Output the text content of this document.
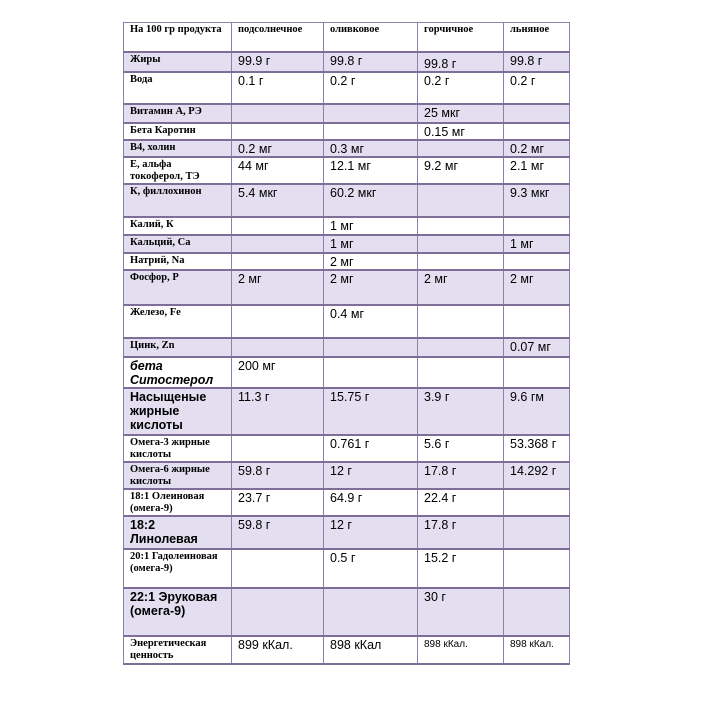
На 100 гр продукта	подсолнечное	оливковое	горчичное	льняное
Жиры	99.9 г	99.8 г	99.8 г	99.8 г
Вода	0.1 г	0.2 г	0.2 г	0.2 г
Витамин А, РЭ			25 мкг	
Бета Каротин			0.15 мг	
В4, холин	0.2 мг	0.3 мг		0.2 мг
Е, альфа токоферол, ТЭ	44 мг	12.1 мг	9.2 мг	2.1 мг
К, филлохинон	5.4 мкг	60.2 мкг		9.3 мкг
Калий, К		1 мг		
Кальций, Са		1 мг		1 мг
Натрий, Na		2 мг		
Фосфор, Р	2 мг	2 мг	2 мг	2 мг
Железо, Fe		0.4 мг		
Цинк, Zn				0.07 мг
бета Ситостерол	200 мг			
Насыщеные жирные кислоты	11.3 г	15.75 г	3.9 г	9.6 гм
Омега-3 жирные кислоты		0.761 г	5.6 г	53.368 г
Омега-6 жирные кислоты	59.8 г	12 г	17.8 г	14.292 г
18:1 Олеиновая (омега-9)	23.7 г	64.9 г	22.4 г	
18:2 Линолевая	59.8 г	12 г	17.8 г	
20:1 Гадолеиновая (омега-9)		0.5 г	15.2 г	
22:1 Эруковая (омега-9)			30 г	
Энергетическая ценность	899 кКал.	898 кКал	898 кКал.	898 кКал.
